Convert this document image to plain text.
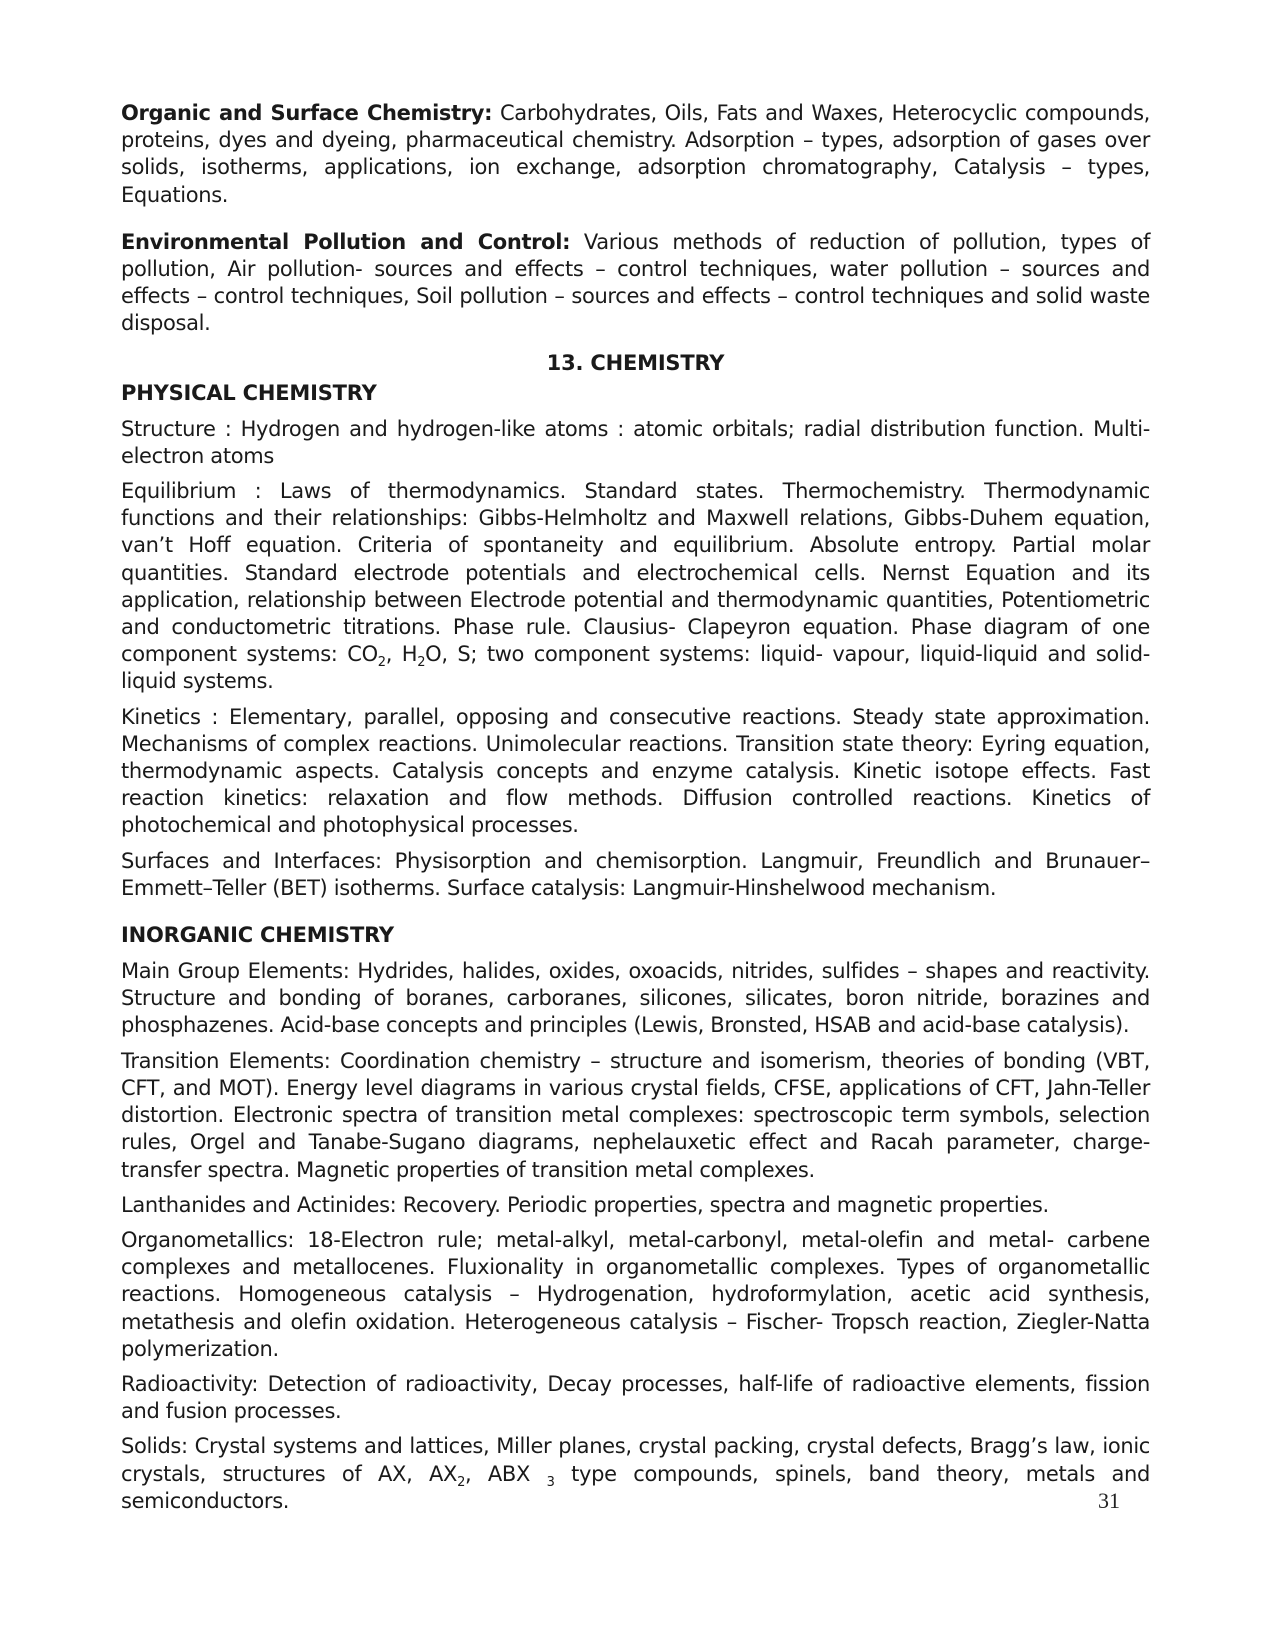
Organic and Surface Chemistry: Carbohydrates, Oils, Fats and Waxes, Heterocyclic compounds, proteins, dyes and dyeing, pharmaceutical chemistry. Adsorption – types, adsorption of gases over solids, isotherms, applications, ion exchange, adsorption chromatography, Catalysis – types, Equations.

Environmental Pollution and Control: Various methods of reduction of pollution, types of pollution, Air pollution- sources and effects – control techniques, water pollution – sources and effects – control techniques, Soil pollution – sources and effects – control techniques and solid waste disposal.

13. CHEMISTRY
PHYSICAL CHEMISTRY

Structure : Hydrogen and hydrogen-like atoms : atomic orbitals; radial distribution function. Multi-electron atoms

Equilibrium : Laws of thermodynamics. Standard states. Thermochemistry. Thermodynamic functions and their relationships: Gibbs-Helmholtz and Maxwell relations, Gibbs-Duhem equation, van’t Hoff equation. Criteria of spontaneity and equilibrium. Absolute entropy. Partial molar quantities. Standard electrode potentials and electrochemical cells. Nernst Equation and its application, relationship between Electrode potential and thermodynamic quantities, Potentiometric and conductometric titrations. Phase rule. Clausius- Clapeyron equation. Phase diagram of one component systems: $CO_2$, $H_2O$, S; two component systems: liquid- vapour, liquid-liquid and solid-liquid systems.

Kinetics : Elementary, parallel, opposing and consecutive reactions. Steady state approximation. Mechanisms of complex reactions. Unimolecular reactions. Transition state theory: Eyring equation, thermodynamic aspects. Catalysis concepts and enzyme catalysis. Kinetic isotope effects. Fast reaction kinetics: relaxation and flow methods. Diffusion controlled reactions. Kinetics of photochemical and photophysical processes.

Surfaces and Interfaces: Physisorption and chemisorption. Langmuir, Freundlich and Brunauer–Emmett–Teller (BET) isotherms. Surface catalysis: Langmuir-Hinshelwood mechanism.

INORGANIC CHEMISTRY

Main Group Elements: Hydrides, halides, oxides, oxoacids, nitrides, sulfides – shapes and reactivity. Structure and bonding of boranes, carboranes, silicones, silicates, boron nitride, borazines and phosphazenes. Acid-base concepts and principles (Lewis, Bronsted, HSAB and acid-base catalysis).

Transition Elements: Coordination chemistry – structure and isomerism, theories of bonding (VBT, CFT, and MOT). Energy level diagrams in various crystal fields, CFSE, applications of CFT, Jahn-Teller distortion. Electronic spectra of transition metal complexes: spectroscopic term symbols, selection rules, Orgel and Tanabe-Sugano diagrams, nephelauxetic effect and Racah parameter, charge-transfer spectra. Magnetic properties of transition metal complexes.

Lanthanides and Actinides: Recovery. Periodic properties, spectra and magnetic properties.

Organometallics: 18-Electron rule; metal-alkyl, metal-carbonyl, metal-olefin and metal- carbene complexes and metallocenes. Fluxionality in organometallic complexes. Types of organometallic reactions. Homogeneous catalysis – Hydrogenation, hydroformylation, acetic acid synthesis, metathesis and olefin oxidation. Heterogeneous catalysis – Fischer- Tropsch reaction, Ziegler-Natta polymerization.

Radioactivity: Detection of radioactivity, Decay processes, half-life of radioactive elements, fission and fusion processes.

Solids: Crystal systems and lattices, Miller planes, crystal packing, crystal defects, Bragg’s law, ionic crystals, structures of AX, $AX_2$, ABX $_3$ type compounds, spinels, band theory, metals and semiconductors.	31
